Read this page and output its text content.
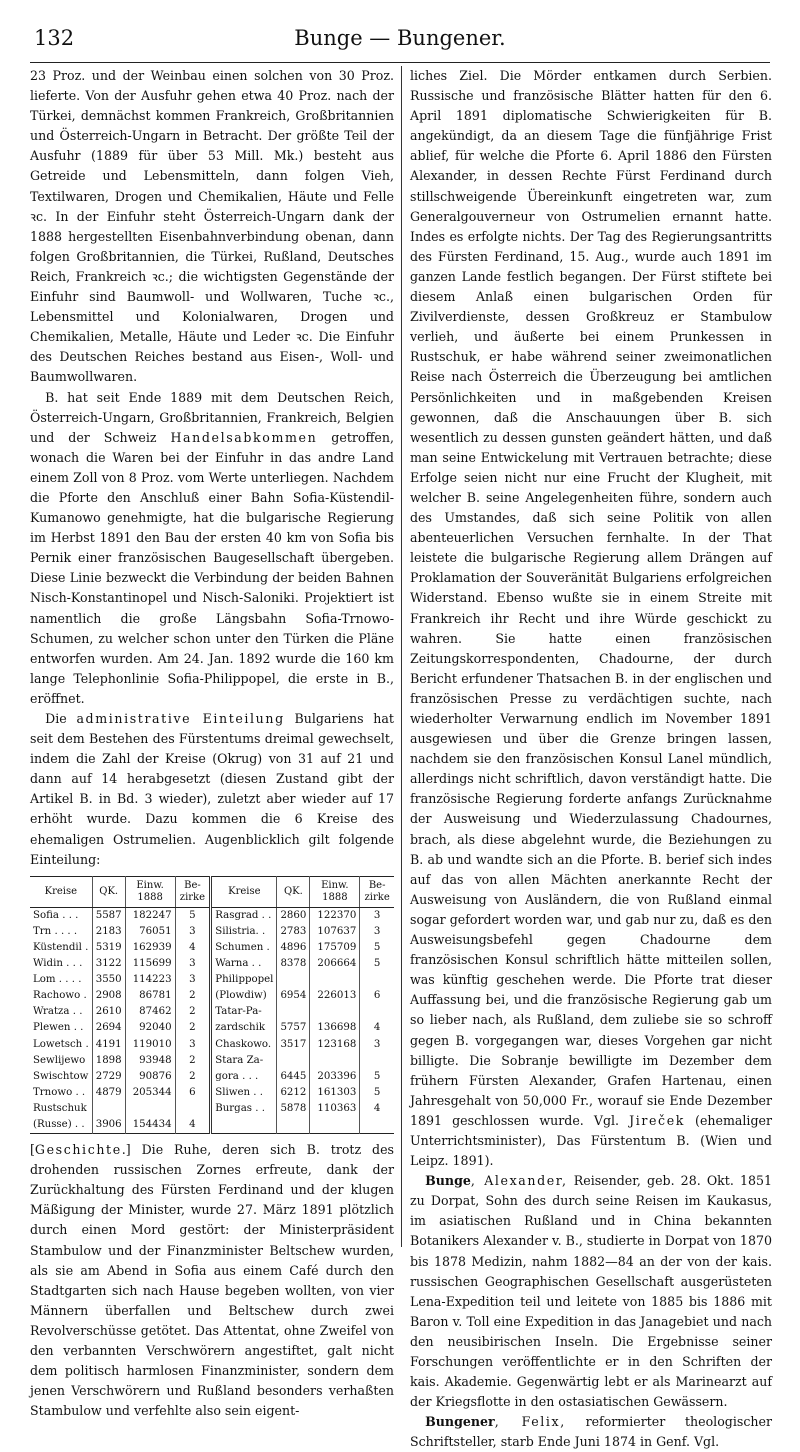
132	Bunge — Bungener.

23 Proz. und der Weinbau einen solchen von 30 Proz. lieferte. Von der Ausfuhr gehen etwa 40 Proz. nach der Türkei, demnächst kommen Frankreich, Großbritannien und Österreich-Ungarn in Betracht. Der größte Teil der Ausfuhr (1889 für über 53 Mill. Mk.) besteht aus Getreide und Lebensmitteln, dann folgen Vieh, Textilwaren, Drogen und Chemikalien, Häute und Felle ꝛc. In der Einfuhr steht Österreich-Ungarn dank der 1888 hergestellten Eisenbahnverbindung obenan, dann folgen Großbritannien, die Türkei, Rußland, Deutsches Reich, Frankreich ꝛc.; die wichtigsten Gegenstände der Einfuhr sind Baumwoll- und Wollwaren, Tuche ꝛc., Lebensmittel und Kolonialwaren, Drogen und Chemikalien, Metalle, Häute und Leder ꝛc. Die Einfuhr des Deutschen Reiches bestand aus Eisen-, Woll- und Baumwollwaren.

B. hat seit Ende 1889 mit dem Deutschen Reich, Österreich-Ungarn, Großbritannien, Frankreich, Belgien und der Schweiz Handelsabkommen getroffen, wonach die Waren bei der Einfuhr in das andre Land einem Zoll von 8 Proz. vom Werte unterliegen. Nachdem die Pforte den Anschluß einer Bahn Sofia-Küstendil-Kumanowo genehmigte, hat die bulgarische Regierung im Herbst 1891 den Bau der ersten 40 km von Sofia bis Pernik einer französischen Baugesellschaft übergeben. Diese Linie bezweckt die Verbindung der beiden Bahnen Nisch-Konstantinopel und Nisch-Saloniki. Projektiert ist namentlich die große Längsbahn Sofia-Trnowo-Schumen, zu welcher schon unter den Türken die Pläne entworfen wurden. Am 24. Jan. 1892 wurde die 160 km lange Telephonlinie Sofia-Philippopel, die erste in B., eröffnet.

Die administrative Einteilung Bulgariens hat seit dem Bestehen des Fürstentums dreimal gewechselt, indem die Zahl der Kreise (Okrug) von 31 auf 21 und dann auf 14 herabgesetzt (diesen Zustand gibt der Artikel B. in Bd. 3 wieder), zuletzt aber wieder auf 17 erhöht wurde. Dazu kommen die 6 Kreise des ehemaligen Ostrumelien. Augenblicklich gilt folgende Einteilung:

Kreise	QK.	Einw. 1888	Be-zirke	Kreise	QK.	Einw. 1888	Be-zirke
Sofia . . .	5587	182247	5	Rasgrad . .	2860	122370	3
Trn . . . .	2183	76051	3	Silistria. .	2783	107637	3
Küstendil .	5319	162939	4	Schumen .	4896	175709	5
Widin . . .	3122	115699	3	Warna . .	8378	206664	5
Lom . . . .	3550	114223	3	Philippopel			
Rachowo .	2908	86781	2	(Plowdiw)	6954	226013	6
Wratza . .	2610	87462	2	Tatar-Pa-			
Plewen . .	2694	92040	2	zardschik	5757	136698	4
Lowetsch .	4191	119010	3	Chaskowo.	3517	123168	3
Sewlijewo	1898	93948	2	Stara Za-			
Swischtow	2729	90876	2	gora . . .	6445	203396	5
Trnowo . .	4879	205344	6	Sliwen . .	6212	161303	5
Rustschuk				Burgas . .	5878	110363	4
(Russe) . .	3906	154434	4				

[Geschichte.] Die Ruhe, deren sich B. trotz des drohenden russischen Zornes erfreute, dank der Zurückhaltung des Fürsten Ferdinand und der klugen Mäßigung der Minister, wurde 27. März 1891 plötzlich durch einen Mord gestört: der Ministerpräsident Stambulow und der Finanzminister Beltschew wurden, als sie am Abend in Sofia aus einem Café durch den Stadtgarten sich nach Hause begeben wollten, von vier Männern überfallen und Beltschew durch zwei Revolverschüsse getötet. Das Attentat, ohne Zweifel von den verbannten Verschwörern angestiftet, galt nicht dem politisch harmlosen Finanzminister, sondern dem jenen Verschwörern und Rußland besonders verhaßten Stambulow und verfehlte also sein eigent-

liches Ziel. Die Mörder entkamen durch Serbien. Russische und französische Blätter hatten für den 6. April 1891 diplomatische Schwierigkeiten für B. angekündigt, da an diesem Tage die fünfjährige Frist ablief, für welche die Pforte 6. April 1886 den Fürsten Alexander, in dessen Rechte Fürst Ferdinand durch stillschweigende Übereinkunft eingetreten war, zum Generalgouverneur von Ostrumelien ernannt hatte. Indes es erfolgte nichts. Der Tag des Regierungsantritts des Fürsten Ferdinand, 15. Aug., wurde auch 1891 im ganzen Lande festlich begangen. Der Fürst stiftete bei diesem Anlaß einen bulgarischen Orden für Zivilverdienste, dessen Großkreuz er Stambulow verlieh, und äußerte bei einem Prunkessen in Rustschuk, er habe während seiner zweimonatlichen Reise nach Österreich die Überzeugung bei amtlichen Persönlichkeiten und in maßgebenden Kreisen gewonnen, daß die Anschauungen über B. sich wesentlich zu dessen gunsten geändert hätten, und daß man seine Entwickelung mit Vertrauen betrachte; diese Erfolge seien nicht nur eine Frucht der Klugheit, mit welcher B. seine Angelegenheiten führe, sondern auch des Umstandes, daß sich seine Politik von allen abenteuerlichen Versuchen fernhalte. In der That leistete die bulgarische Regierung allem Drängen auf Proklamation der Souveränität Bulgariens erfolgreichen Widerstand. Ebenso wußte sie in einem Streite mit Frankreich ihr Recht und ihre Würde geschickt zu wahren. Sie hatte einen französischen Zeitungskorrespondenten, Chadourne, der durch Bericht erfundener Thatsachen B. in der englischen und französischen Presse zu verdächtigen suchte, nach wiederholter Verwarnung endlich im November 1891 ausgewiesen und über die Grenze bringen lassen, nachdem sie den französischen Konsul Lanel mündlich, allerdings nicht schriftlich, davon verständigt hatte. Die französische Regierung forderte anfangs Zurücknahme der Ausweisung und Wiederzulassung Chadournes, brach, als diese abgelehnt wurde, die Beziehungen zu B. ab und wandte sich an die Pforte. B. berief sich indes auf das von allen Mächten anerkannte Recht der Ausweisung von Ausländern, die von Rußland einmal sogar gefordert worden war, und gab nur zu, daß es den Ausweisungsbefehl gegen Chadourne dem französischen Konsul schriftlich hätte mitteilen sollen, was künftig geschehen werde. Die Pforte trat dieser Auffassung bei, und die französische Regierung gab um so lieber nach, als Rußland, dem zuliebe sie so schroff gegen B. vorgegangen war, dieses Vorgehen gar nicht billigte. Die Sobranje bewilligte im Dezember dem frühern Fürsten Alexander, Grafen Hartenau, einen Jahresgehalt von 50,000 Fr., worauf sie Ende Dezember 1891 geschlossen wurde. Vgl. Jireček (ehemaliger Unterrichtsminister), Das Fürstentum B. (Wien und Leipz. 1891).

Bunge, Alexander, Reisender, geb. 28. Okt. 1851 zu Dorpat, Sohn des durch seine Reisen im Kaukasus, im asiatischen Rußland und in China bekannten Botanikers Alexander v. B., studierte in Dorpat von 1870 bis 1878 Medizin, nahm 1882—84 an der von der kais. russischen Geographischen Gesellschaft ausgerüsteten Lena-Expedition teil und leitete von 1885 bis 1886 mit Baron v. Toll eine Expedition in das Janagebiet und nach den neusibirischen Inseln. Die Ergebnisse seiner Forschungen veröffentlichte er in den Schriften der kais. Akademie. Gegenwärtig lebt er als Marinearzt auf der Kriegsflotte in den ostasiatischen Gewässern.

Bungener, Felix, reformierter theologischer Schriftsteller, starb Ende Juni 1874 in Genf. Vgl.
